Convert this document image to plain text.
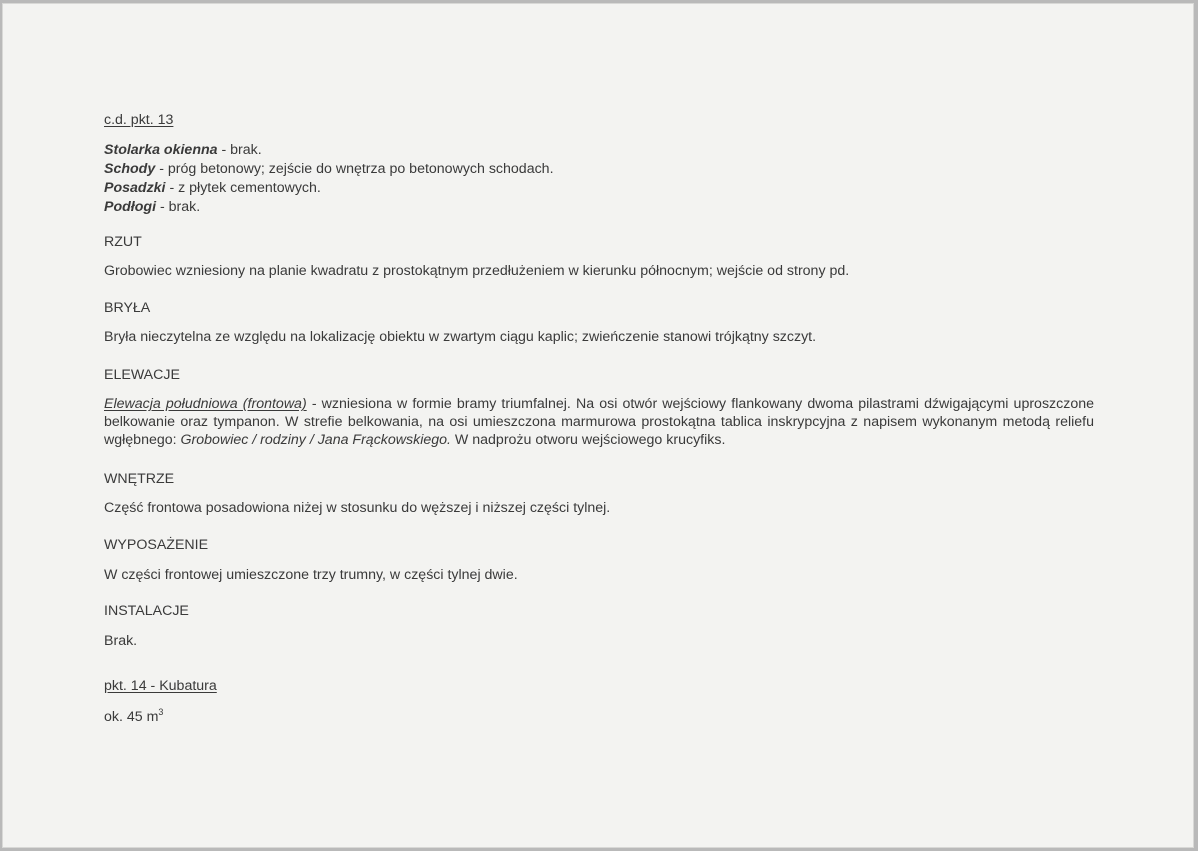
c.d. pkt. 13
Stolarka okienna - brak.
Schody - próg betonowy; zejście do wnętrza po betonowych schodach.
Posadzki - z płytek cementowych.
Podłogi - brak.
RZUT
Grobowiec wzniesiony na planie kwadratu z prostokątnym przedłużeniem w kierunku północnym; wejście od strony pd.
BRYŁA
Bryła nieczytelna ze względu na lokalizację obiektu w zwartym ciągu kaplic; zwieńczenie stanowi trójkątny szczyt.
ELEWACJE
Elewacja południowa (frontowa) - wzniesiona w formie bramy triumfalnej. Na osi otwór wejściowy flankowany dwoma pilastrami dźwigającymi uproszczone belkowanie oraz tympanon. W strefie belkowania, na osi umieszczona marmurowa prostokątna tablica inskrypcyjna z napisem wykonanym metodą reliefu wgłębnego: Grobowiec / rodziny / Jana Frąckowskiego. W nadprożu otworu wejściowego krucyfiks.
WNĘTRZE
Część frontowa posadowiona niżej w stosunku do węższej i niższej części tylnej.
WYPOSAŻENIE
W części frontowej umieszczone trzy trumny, w części tylnej dwie.
INSTALACJE
Brak.
pkt. 14 - Kubatura
ok. 45 $m^3$
